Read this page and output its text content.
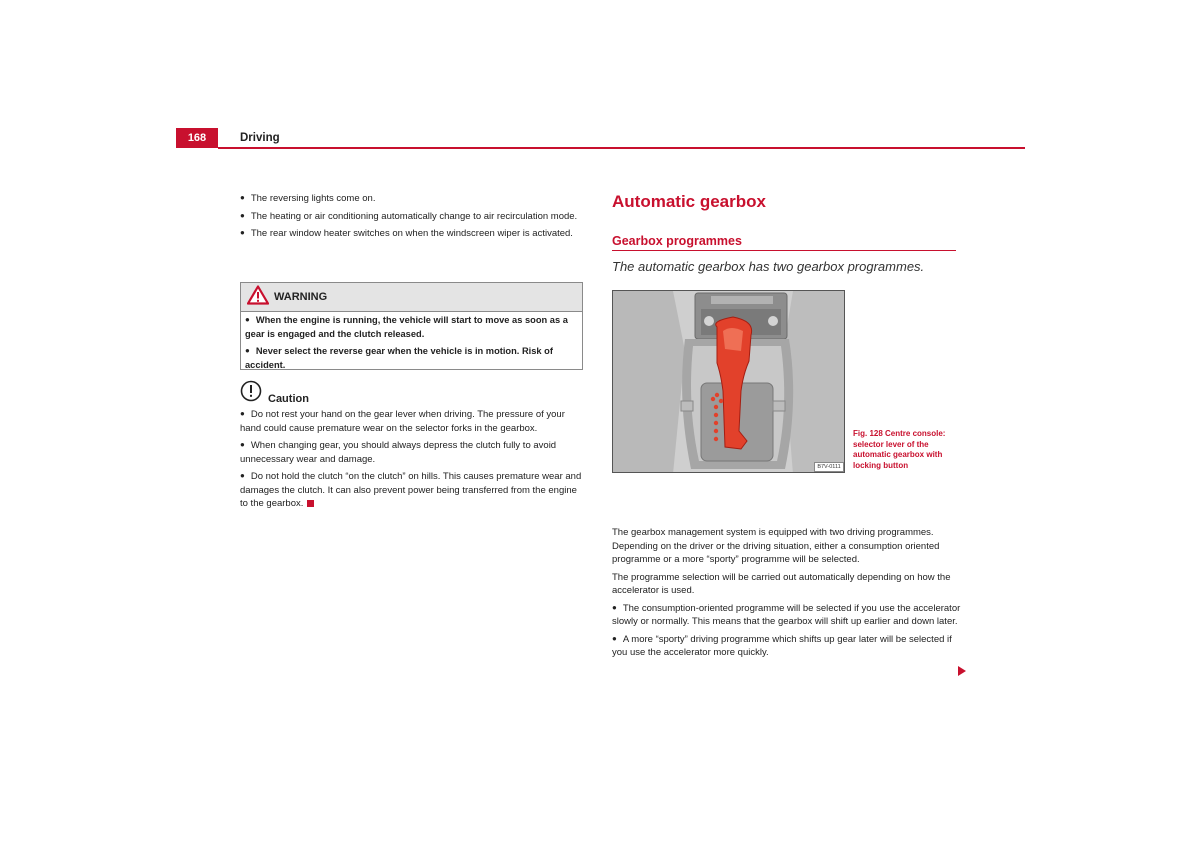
168	Driving

● The reversing lights come on.

● The heating or air conditioning automatically change to air recirculation mode.

● The rear window heater switches on when the windscreen wiper is activated.

WARNING

● When the engine is running, the vehicle will start to move as soon as a gear is engaged and the clutch released.

● Never select the reverse gear when the vehicle is in motion. Risk of accident.

Caution

● Do not rest your hand on the gear lever when driving. The pressure of your hand could cause premature wear on the selector forks in the gearbox.

● When changing gear, you should always depress the clutch fully to avoid unnecessary wear and damage.

● Do not hold the clutch “on the clutch” on hills. This causes premature wear and damages the clutch. It can also prevent power being transferred from the engine to the gearbox.

Automatic gearbox
Gearbox programmes
The automatic gearbox has two gearbox programmes.
B7V-0111
Fig. 128 Centre console: selector lever of the automatic gearbox with locking button

The gearbox management system is equipped with two driving programmes. Depending on the driver or the driving situation, either a consumption oriented programme or a more “sporty” programme will be selected.

The programme selection will be carried out automatically depending on how the accelerator is used.

● The consumption-oriented programme will be selected if you use the accelerator slowly or normally. This means that the gearbox will shift up earlier and down later.

● A more “sporty” driving programme which shifts up gear later will be selected if you use the accelerator more quickly.
